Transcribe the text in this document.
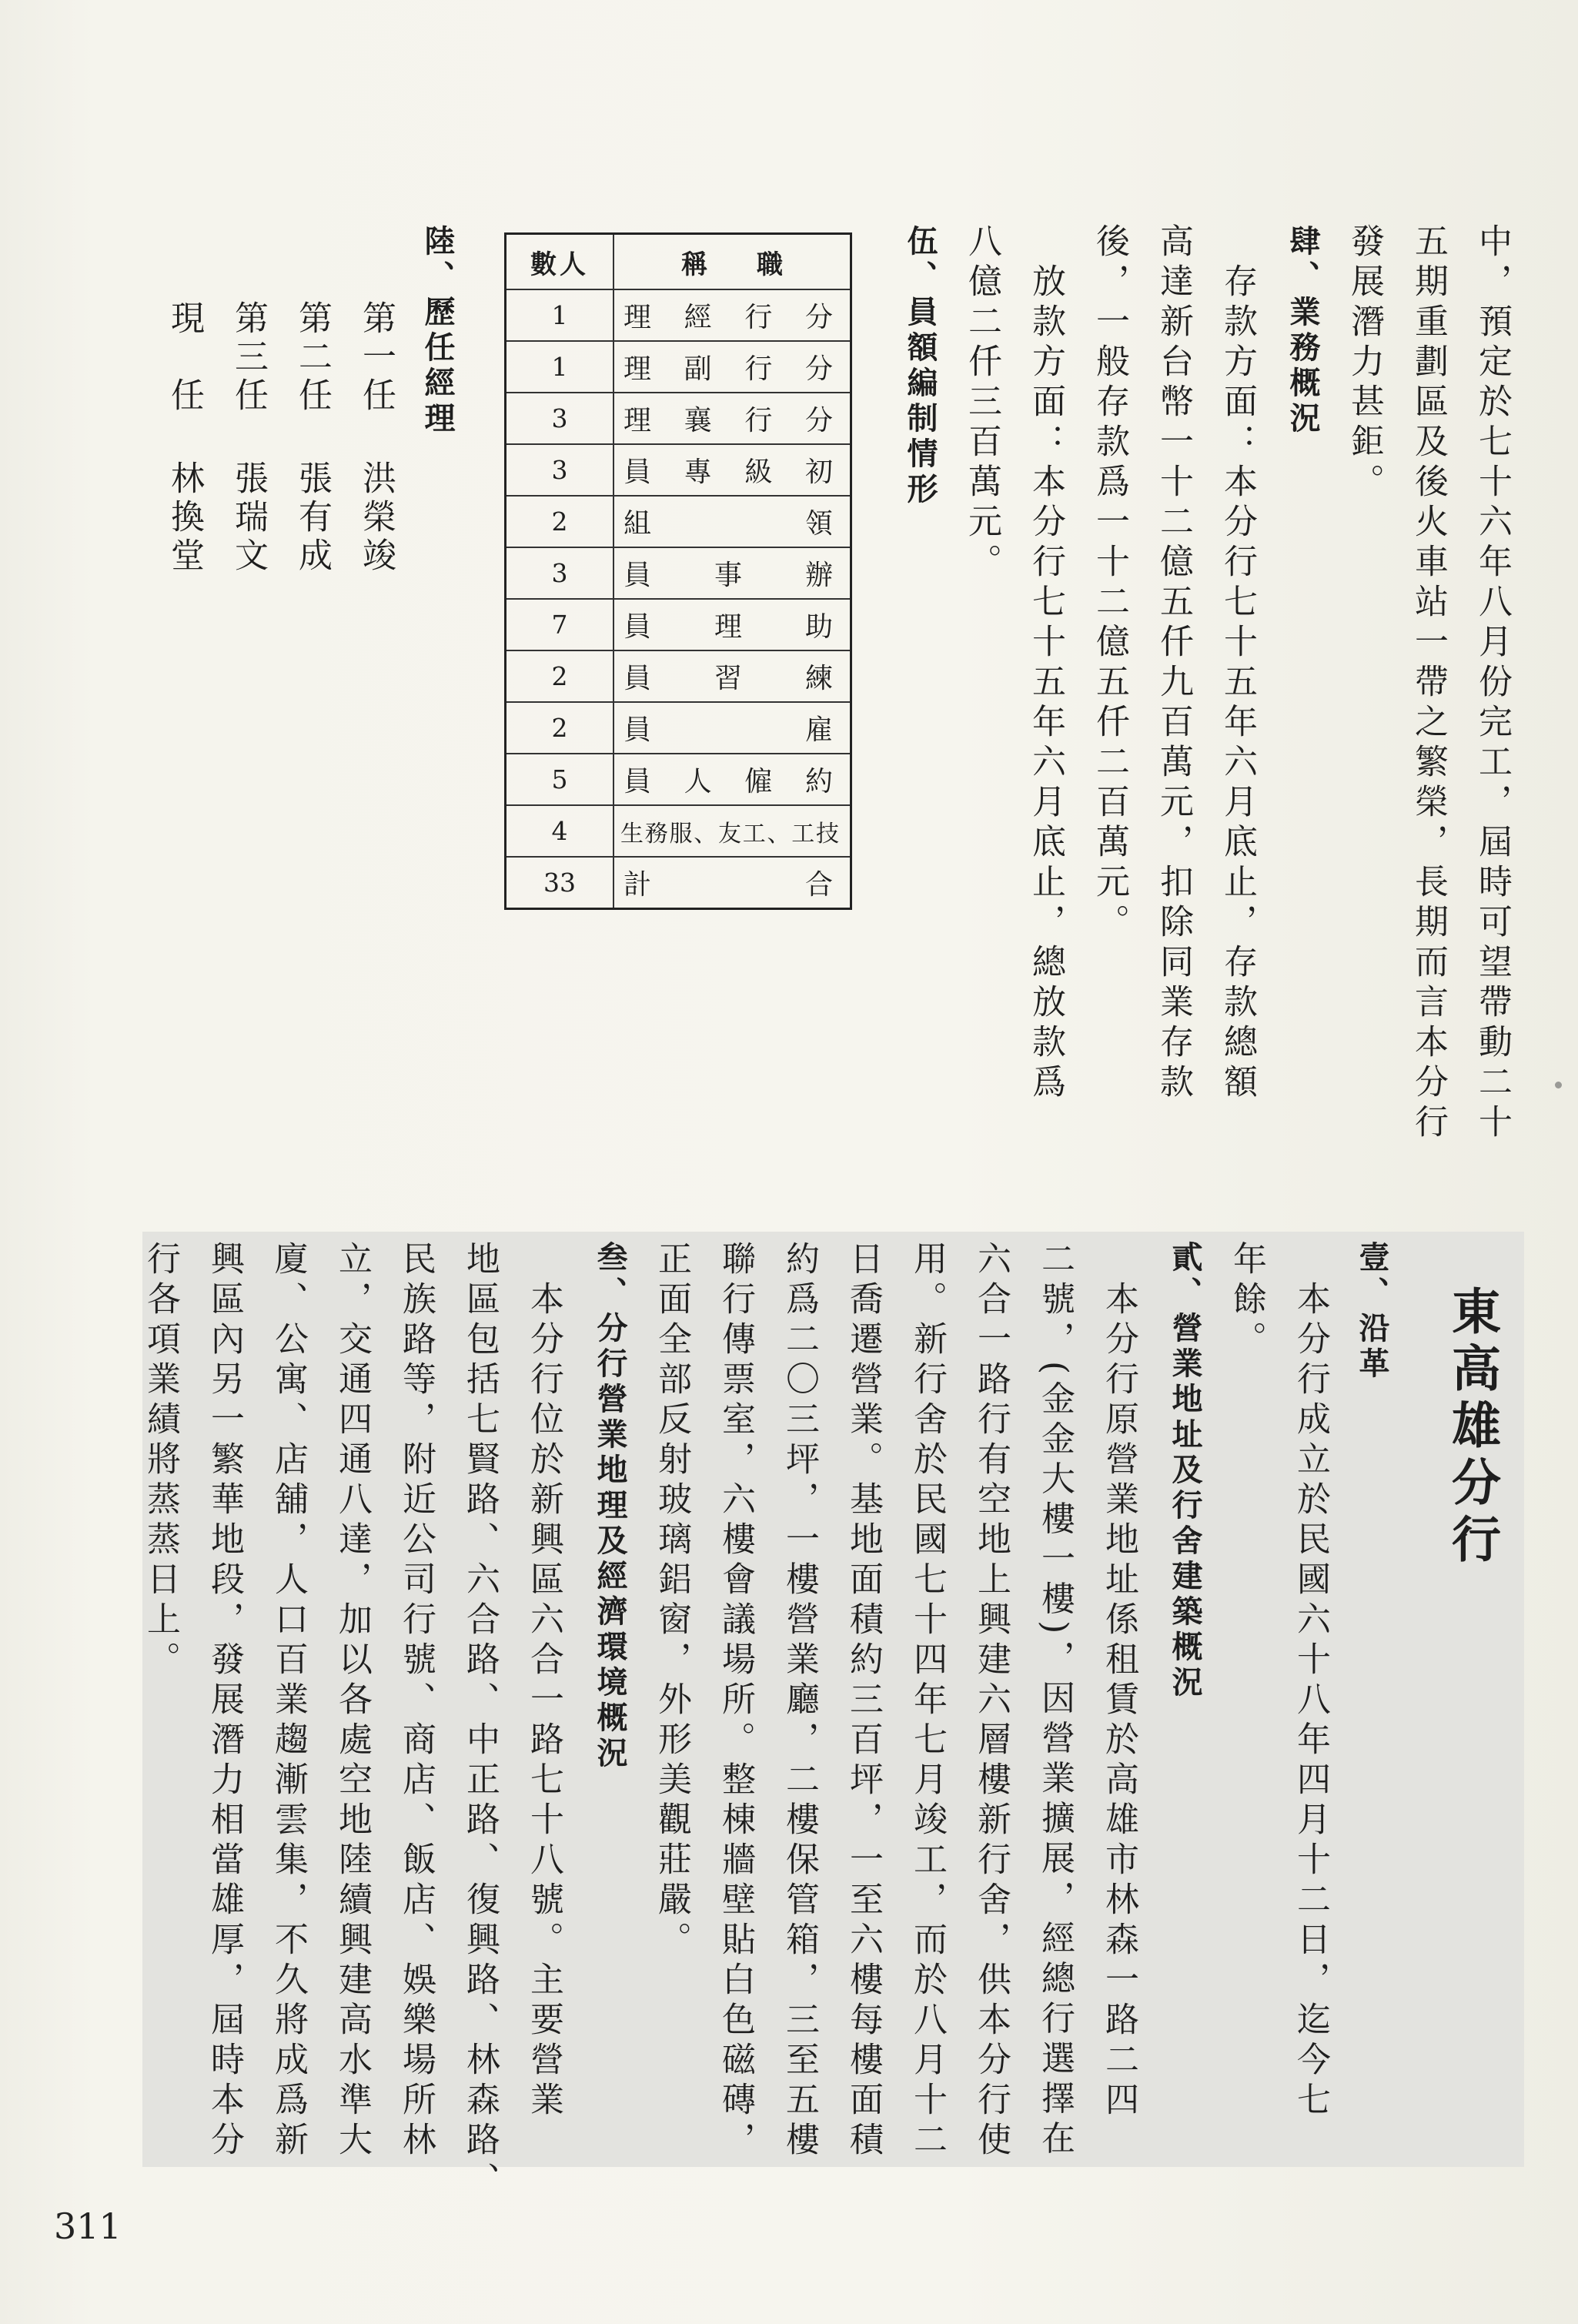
中，預定於七十六年八月份完工，屆時可望帶動二十
五期重劃區及後火車站一帶之繁榮，長期而言本分行
發展潛力甚鉅。
肆、業務概況
　存款方面：本分行七十五年六月底止，存款總額
高達新台幣一十二億五仟九百萬元，扣除同業存款
後，一般存款爲一十二億五仟二百萬元。
　放款方面：本分行七十五年六月底止，總放款爲
八億二仟三百萬元。
伍、員額編制情形
數人	稱職
1	理經行分
1	理副行分
3	理襄行分
3	員專級初
2	組領
3	員事辦
7	員理助
2	員習練
2	員雇
5	員人僱約
4	生務服、友工、工技
33	計合
陸、歷任經理
第一任洪榮竣
第二任張有成
第三任張瑞文
現　任林換堂
東高雄分行
壹、沿革
　本分行成立於民國六十八年四月十二日，迄今七
年餘。
貳、營業地址及行舍建築概況
　本分行原營業地址係租賃於高雄市林森一路二四
二號，(金金大樓一樓)，因營業擴展，經總行選擇在
六合一路行有空地上興建六層樓新行舍，供本分行使
用。新行舍於民國七十四年七月竣工，而於八月十二
日喬遷營業。基地面積約三百坪，一至六樓每樓面積
約爲二〇三坪，一樓營業廳，二樓保管箱，三至五樓
聯行傳票室，六樓會議場所。整棟牆壁貼白色磁磚，
正面全部反射玻璃鋁窗，外形美觀莊嚴。
叁、分行營業地理及經濟環境概況
　本分行位於新興區六合一路七十八號。主要營業
地區包括七賢路、六合路、中正路、復興路、林森路、
民族路等，附近公司行號、商店、飯店、娛樂場所林
立，交通四通八達，加以各處空地陸續興建高水準大
廈、公寓、店舖，人口百業趨漸雲集，不久將成爲新
興區內另一繁華地段，發展潛力相當雄厚，屆時本分
行各項業績將蒸蒸日上。
311
